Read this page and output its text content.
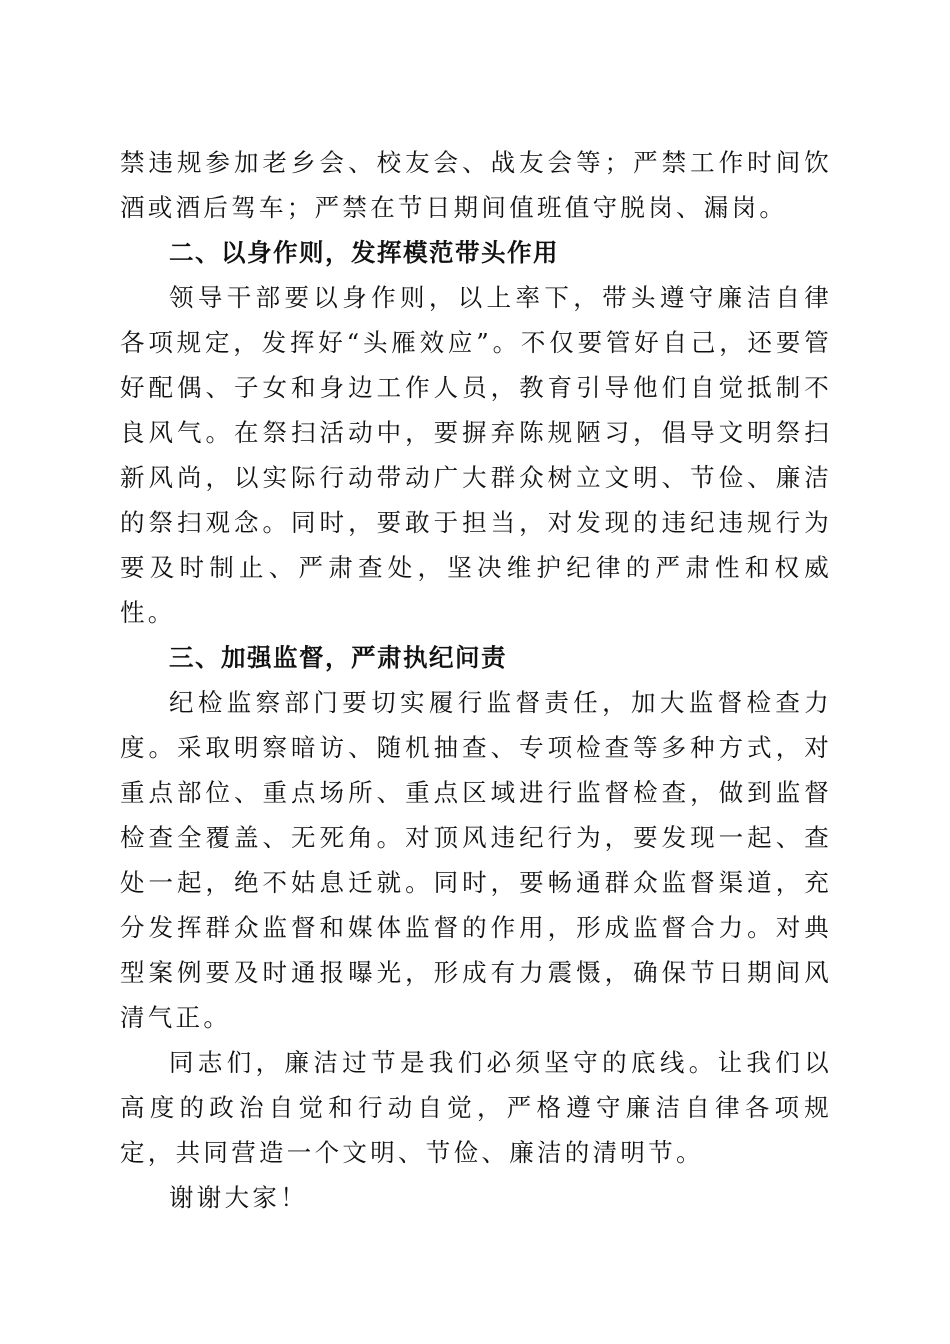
禁违规参加老乡会、校友会、战友会等；严禁工作时间饮酒或酒后驾车；严禁在节日期间值班值守脱岗、漏岗。

二、以身作则，发挥模范带头作用

领导干部要以身作则，以上率下，带头遵守廉洁自律各项规定，发挥好“头雁效应”。不仅要管好自己，还要管好配偶、子女和身边工作人员，教育引导他们自觉抵制不良风气。在祭扫活动中，要摒弃陈规陋习，倡导文明祭扫新风尚，以实际行动带动广大群众树立文明、节俭、廉洁的祭扫观念。同时，要敢于担当，对发现的违纪违规行为要及时制止、严肃查处，坚决维护纪律的严肃性和权威性。

三、加强监督，严肃执纪问责

纪检监察部门要切实履行监督责任，加大监督检查力度。采取明察暗访、随机抽查、专项检查等多种方式，对重点部位、重点场所、重点区域进行监督检查，做到监督检查全覆盖、无死角。对顶风违纪行为，要发现一起、查处一起，绝不姑息迁就。同时，要畅通群众监督渠道，充分发挥群众监督和媒体监督的作用，形成监督合力。对典型案例要及时通报曝光，形成有力震慑，确保节日期间风清气正。

同志们，廉洁过节是我们必须坚守的底线。让我们以高度的政治自觉和行动自觉，严格遵守廉洁自律各项规定，共同营造一个文明、节俭、廉洁的清明节。

谢谢大家！
